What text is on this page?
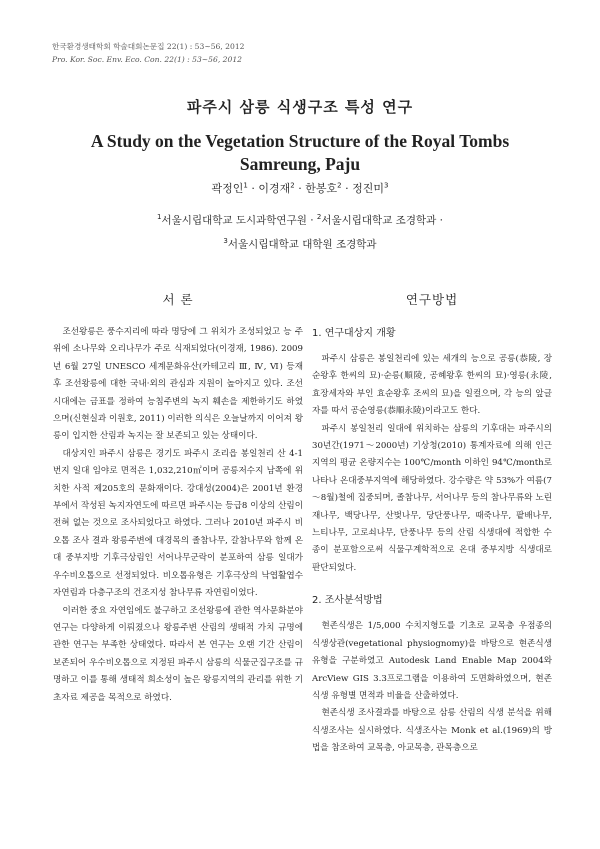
한국환경생태학회 학술대회논문집 22(1) : 53~56, 2012
Pro. Kor. Soc. Env. Eco. Con. 22(1) : 53~56, 2012
파주시 삼릉 식생구조 특성 연구
A Study on the Vegetation Structure of the Royal Tombs
Samreung, Paju
곽정인$^1$ · 이경재$^2$ · 한봉호$^2$ · 정진미$^3$
$^1$서울시립대학교 도시과학연구원 · $^2$서울시립대학교 조경학과 ·
$^3$서울시립대학교 대학원 조경학과
서 론

조선왕릉은 풍수지리에 따라 명당에 그 위치가 조성되었고 능 주위에 소나무와 오리나무가 주로 식재되었다(이경재, 1986). 2009년 6월 27일 UNESCO 세계문화유산(카테고리 Ⅲ, Ⅳ, Ⅵ) 등재 후 조선왕릉에 대한 국내·외의 관심과 지원이 높아지고 있다. 조선시대에는 금표를 정하여 능침주변의 녹지 훼손을 제한하기도 하였으며(신현실과 이원호, 2011) 이러한 의식은 오늘날까지 이어져 왕릉이 입지한 산림과 녹지는 잘 보존되고 있는 상태이다.

대상지인 파주시 삼릉은 경기도 파주시 조리읍 봉일천리 산 4-1번지 일대 임야로 면적은 1,032,210㎡이며 공릉저수지 남쪽에 위치한 사적 제205호의 문화재이다. 강대성(2004)은 2001년 환경부에서 작성된 녹지자연도에 따르면 파주시는 등급8 이상의 산림이 전혀 없는 것으로 조사되었다고 하였다. 그러나 2010년 파주시 비오톱 조사 결과 왕릉주변에 대경목의 졸참나무, 갈참나무와 함께 온대 중부지방 기후극상림인 서어나무군락이 분포하여 삼릉 일대가 우수비오톱으로 선정되었다. 비오톱유형은 기후극상의 낙엽활엽수 자연림과 다층구조의 건조지성 참나무류 자연림이었다.

이러한 중요 자연임에도 불구하고 조선왕릉에 관한 역사문화분야 연구는 다양하게 이뤄졌으나 왕릉주변 산림의 생태적 가치 규명에 관한 연구는 부족한 상태였다. 따라서 본 연구는 오랜 기간 산림이 보존되어 우수비오톱으로 지정된 파주시 삼릉의 식물군집구조를 규명하고 이를 통해 생태적 희소성이 높은 왕릉지역의 관리를 위한 기초자료 제공을 목적으로 하였다.

연구방법
1. 연구대상지 개황

파주시 삼릉은 봉일천리에 있는 세개의 능으로 공릉(恭陵, 장순왕후 한씨의 묘)·순릉(順陵, 공혜왕후 한씨의 묘)·영릉(永陵, 효장세자와 부인 효순왕후 조씨의 묘)을 일컬으며, 각 능의 앞글자를 따서 공순영릉(恭順永陵)이라고도 한다.

파주시 봉일천리 일대에 위치하는 삼릉의 기후대는 파주시의 30년간(1971～2000년) 기상청(2010) 통계자료에 의해 인근지역의 평균 온량지수는 100℃/month 이하인 94℃/month로 나타나 온대중부지역에 해당하였다. 강수량은 약 53%가 여름(7～8월)철에 집중되며, 졸참나무, 서어나무 등의 참나무류와 노린재나무, 백당나무, 산벚나무, 당단풍나무, 때죽나무, 팥배나무, 느티나무, 고로쇠나무, 단풍나무 등의 산림 식생대에 적합한 수종이 분포함으로써 식물구계학적으로 온대 중부지방 식생대로 판단되었다.

2. 조사분석방법

현존식생은 1/5,000 수치지형도를 기초로 교목층 우점종의 식생상관(vegetational physiognomy)을 바탕으로 현존식생 유형을 구분하였고 Autodesk Land Enable Map 2004와 ArcView GIS 3.3프로그램을 이용하여 도면화하였으며, 현존식생 유형별 면적과 비율을 산출하였다.

현존식생 조사결과를 바탕으로 삼릉 산림의 식생 분석을 위해 식생조사는 실시하였다. 식생조사는 Monk et al.(1969)의 방법을 참조하여 교목층, 아교목층, 관목층으로
